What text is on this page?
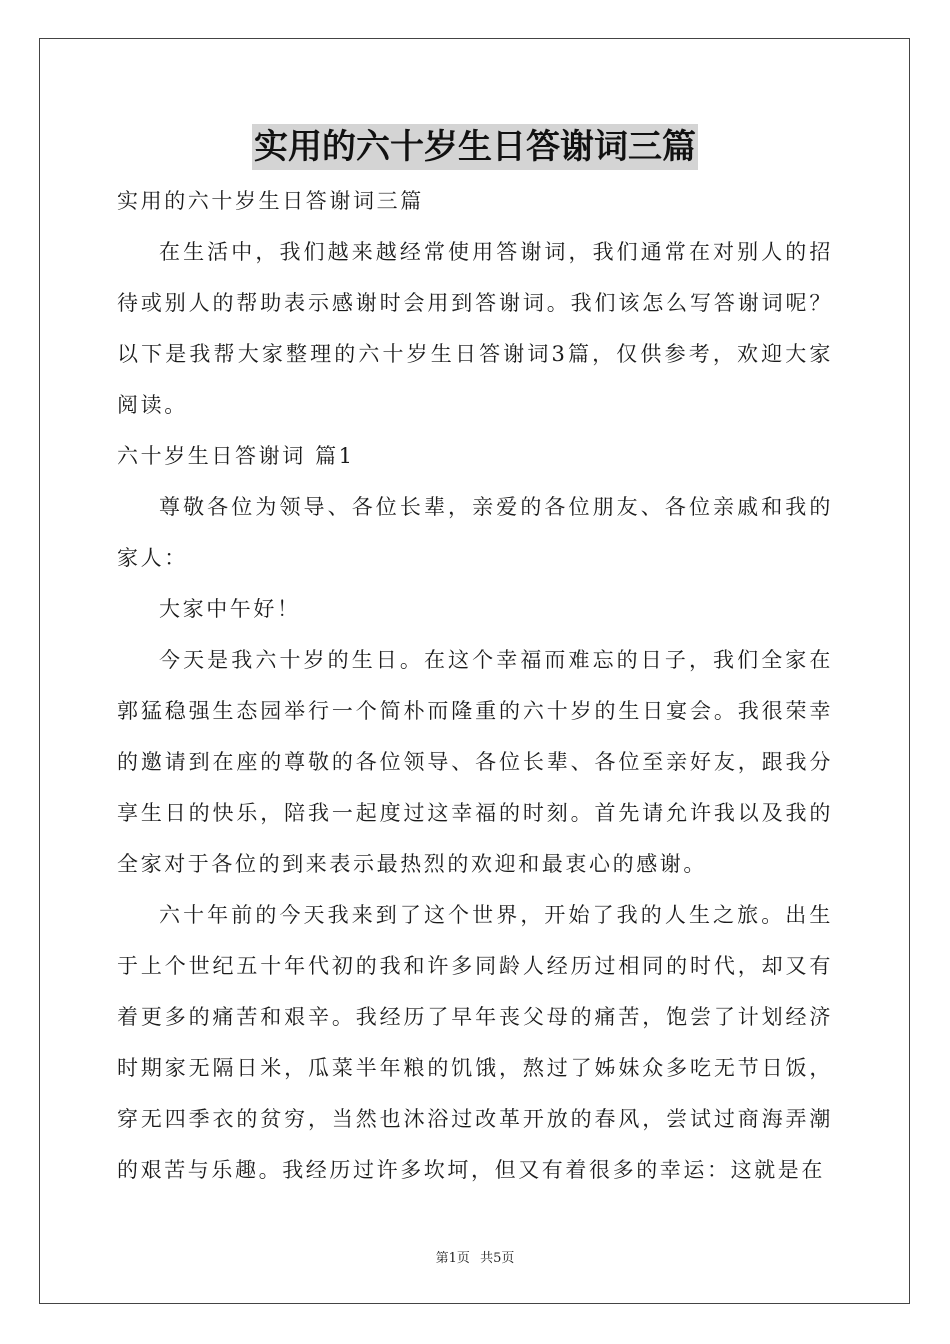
实用的六十岁生日答谢词三篇

实用的六十岁生日答谢词三篇

在生活中，我们越来越经常使用答谢词，我们通常在对别人的招待或别人的帮助表示感谢时会用到答谢词。我们该怎么写答谢词呢？以下是我帮大家整理的六十岁生日答谢词3篇，仅供参考，欢迎大家阅读。

六十岁生日答谢词 篇1

尊敬各位为领导、各位长辈，亲爱的各位朋友、各位亲戚和我的家人：

大家中午好！

今天是我六十岁的生日。在这个幸福而难忘的日子，我们全家在郭猛稳强生态园举行一个简朴而隆重的六十岁的生日宴会。我很荣幸的邀请到在座的尊敬的各位领导、各位长辈、各位至亲好友，跟我分享生日的快乐，陪我一起度过这幸福的时刻。首先请允许我以及我的全家对于各位的到来表示最热烈的欢迎和最衷心的感谢。

六十年前的今天我来到了这个世界，开始了我的人生之旅。出生于上个世纪五十年代初的我和许多同龄人经历过相同的时代，却又有着更多的痛苦和艰辛。我经历了早年丧父母的痛苦，饱尝了计划经济时期家无隔日米，瓜菜半年粮的饥饿，熬过了姊妹众多吃无节日饭，穿无四季衣的贫穷，当然也沐浴过改革开放的春风，尝试过商海弄潮的艰苦与乐趣。我经历过许多坎坷，但又有着很多的幸运：这就是在

第1页 共5页
